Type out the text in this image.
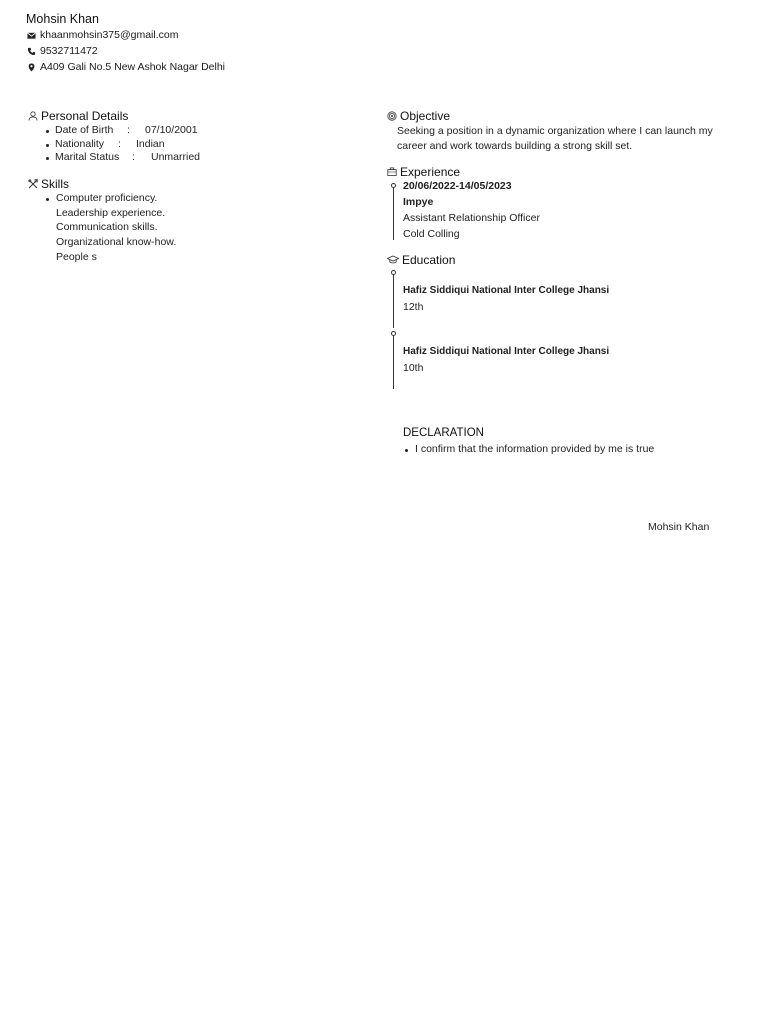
Mohsin Khan
khaanmohsin375@gmail.com
9532711472
A409 Gali No.5 New Ashok Nagar Delhi
Personal Details
Date of Birth : 07/10/2001
Nationality : Indian
Marital Status : Unmarried
Skills
Computer proficiency.
Leadership experience.
Communication skills.
Organizational know-how.
People s
Objective
Seeking a position in a dynamic organization where I can launch my
career and work towards building a strong skill set.
Experience
20/06/2022-14/05/2023
Impye
Assistant Relationship Officer
Cold Colling
Education
Hafiz Siddiqui National Inter College Jhansi
12th
Hafiz Siddiqui National Inter College Jhansi
10th
DECLARATION
I confirm that the information provided by me is true
Mohsin Khan
